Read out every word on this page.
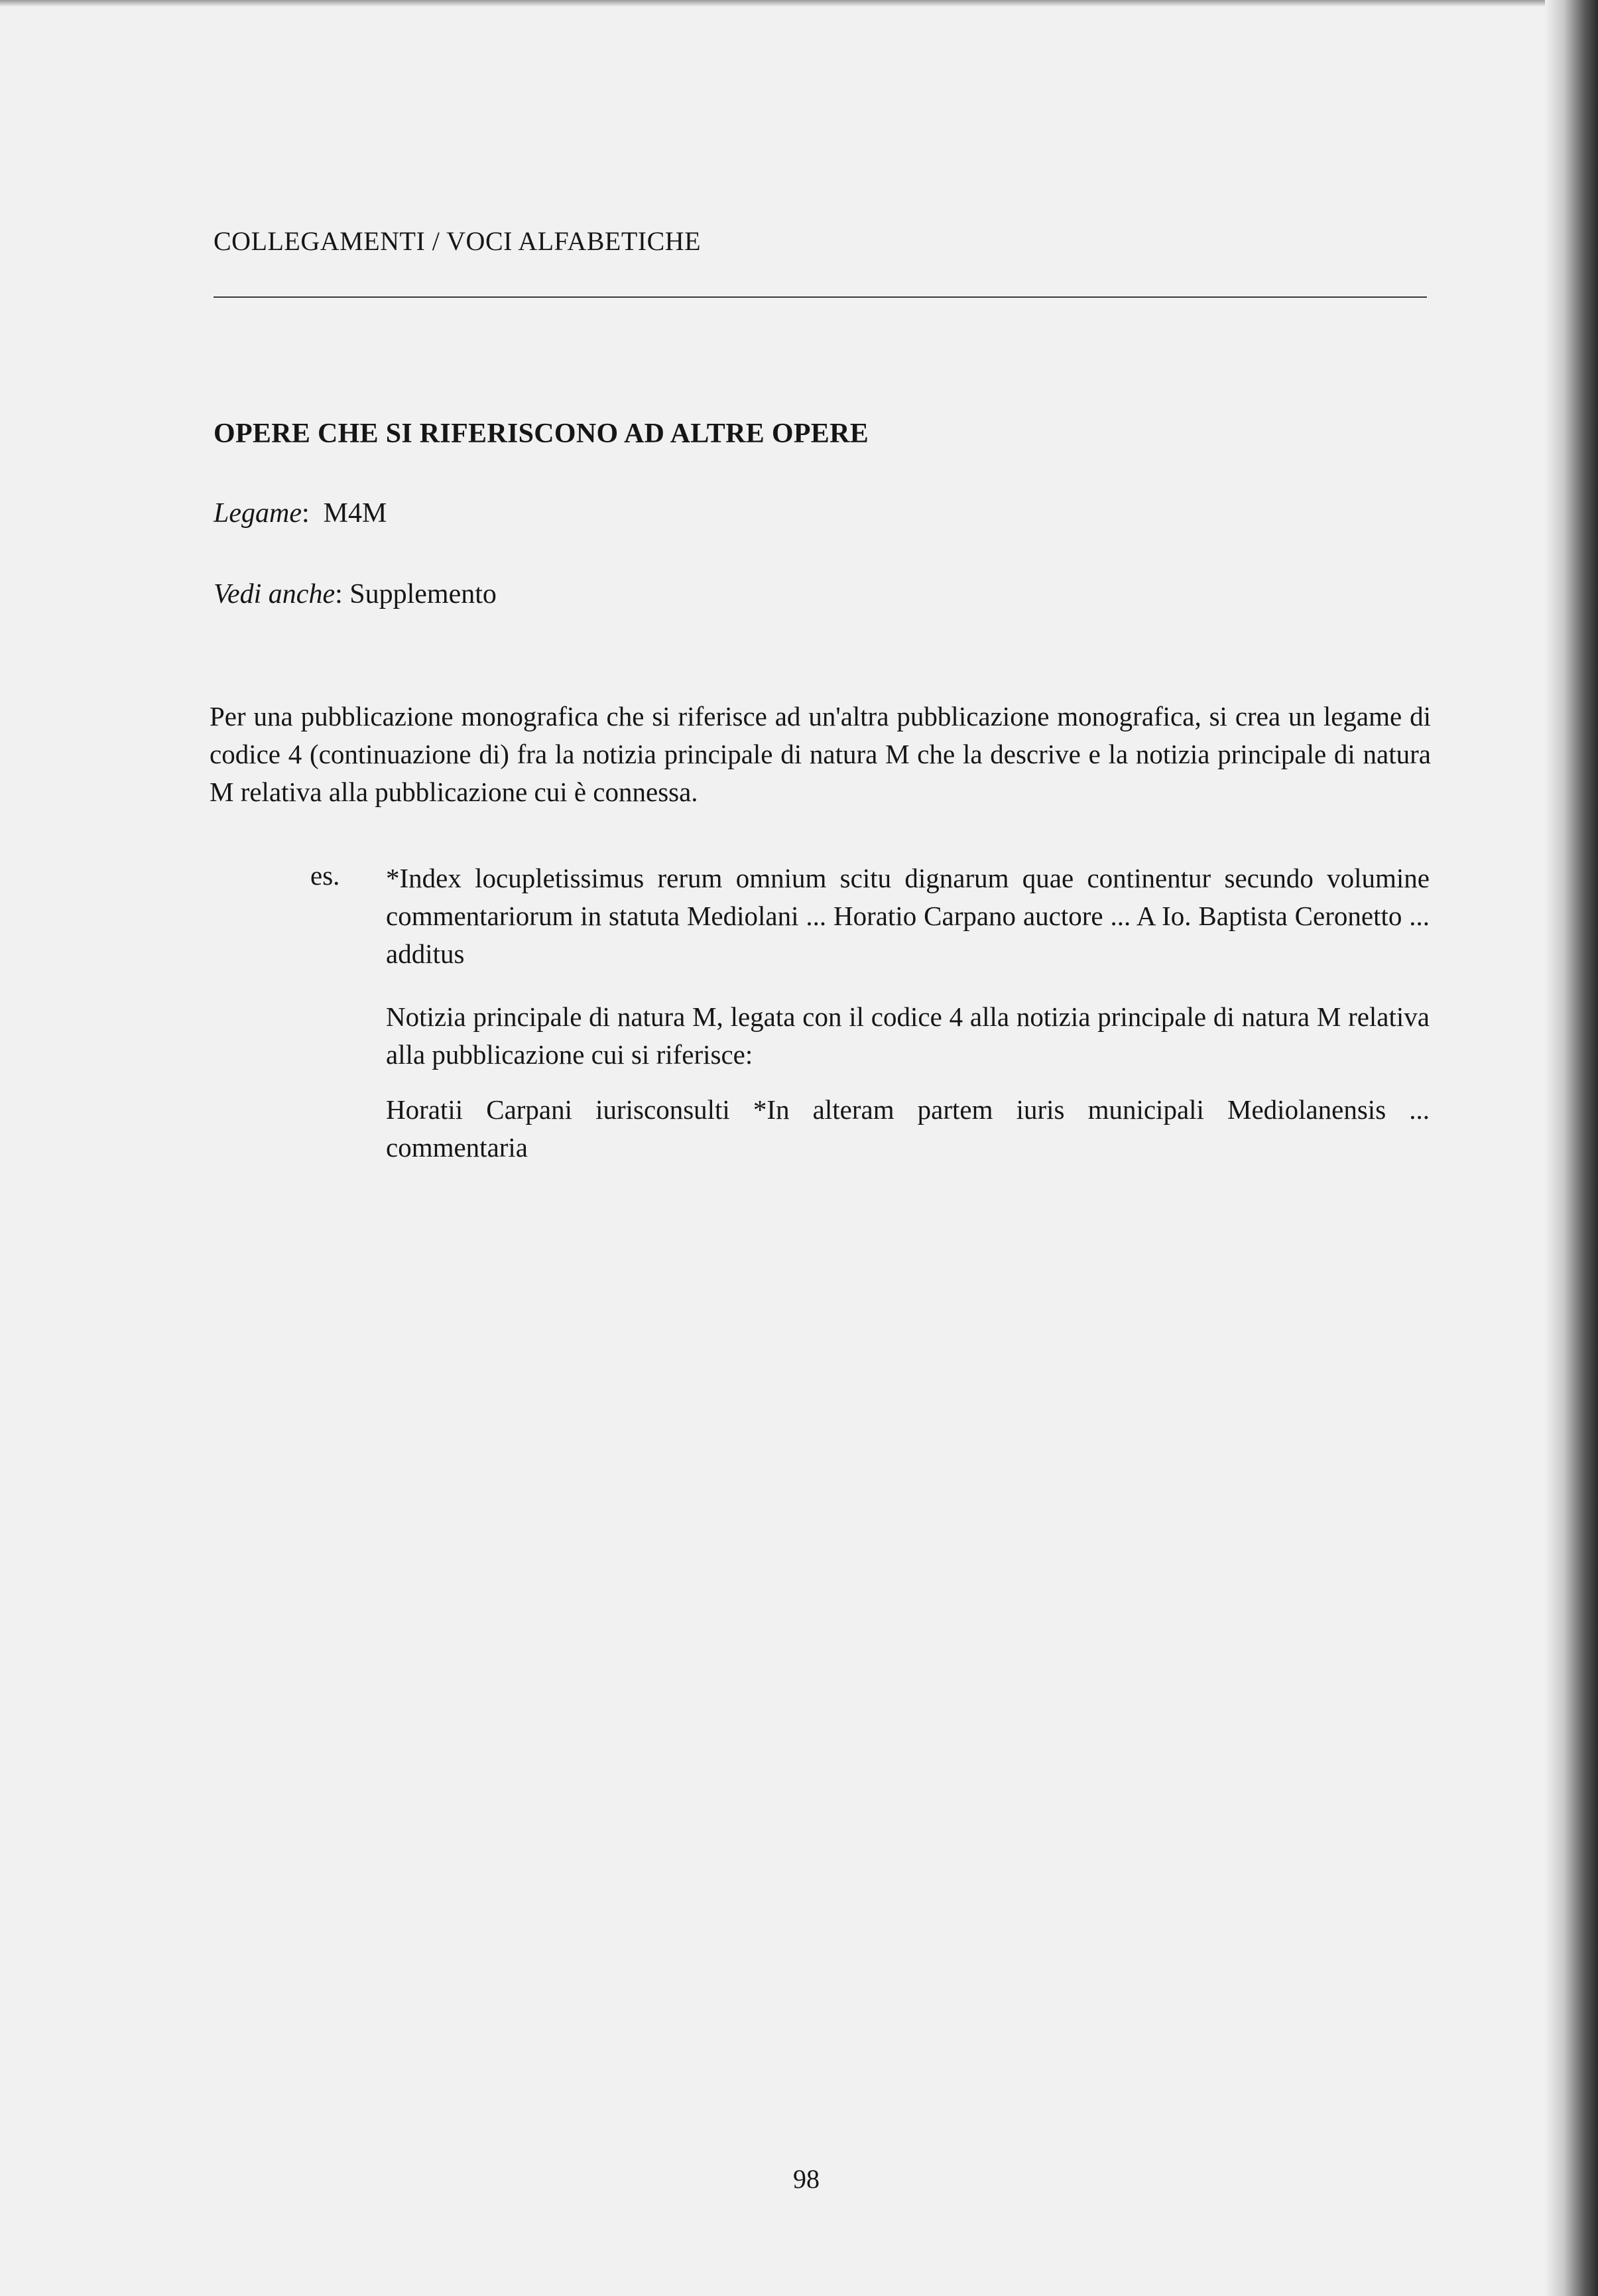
COLLEGAMENTI / VOCI ALFABETICHE
OPERE CHE SI RIFERISCONO AD ALTRE OPERE
Legame:  M4M
Vedi anche: Supplemento
Per una pubblicazione monografica che si riferisce ad un'altra pubblicazione monografica, si crea un legame di codice 4 (continuazione di) fra la notizia principale di natura M che la descrive e la notizia principale di natura M relativa alla pubblicazione cui è connessa.
es. *Index locupletissimus rerum omnium scitu dignarum quae continentur secundo volumine commentariorum in statuta Mediolani ... Horatio Carpano auctore ... A Io. Baptista Ceronetto ... additus
Notizia principale di natura M, legata con il codice 4 alla notizia principale di natura M relativa alla pubblicazione cui si riferisce:
Horatii Carpani iurisconsulti *In alteram partem iuris municipali Mediolanensis ... commentaria
98
